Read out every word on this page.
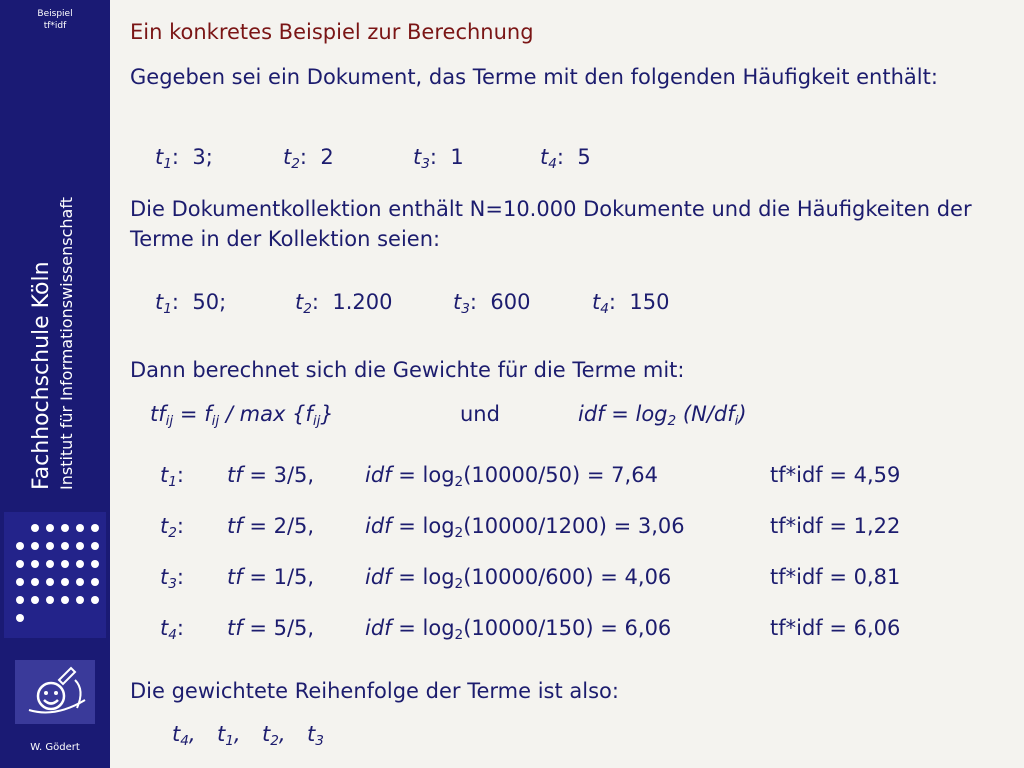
Beispiel
tf*idf
Fachhochschule Köln Institut für Informationswissenschaft
W. Gödert
Ein konkretes Beispiel zur Berechnung
Gegeben sei ein Dokument, das Terme mit den folgenden Häufigkeit enthält:
$t_1$:  3;	$t_2$:  2	$t_3$:  1	$t_4$:  5
Die Dokumentkollektion enthält N=10.000 Dokumente und die Häufigkeiten der Terme in der Kollektion seien:
$t_1$:  50;	$t_2$:  1.200	$t_3$:  600	$t_4$:  150
Dann berechnet sich die Gewichte für die Terme mit:
$tf_{ij} = f_{ij} / \max \{f_{ij}\}$	und	idf = $\log_2 (N/df_i)$
$t_1$: tf = 3/5, idf = $\log_2(10000/50) = 7,64$	tf*idf = 4,59
$t_2$: tf = 2/5, idf = $\log_2(10000/1200) = 3,06$	tf*idf = 1,22
$t_3$: tf = 1/5, idf = $\log_2(10000/600) = 4,06$	tf*idf = 0,81
$t_4$: tf = 5/5, idf = $\log_2(10000/150) = 6,06$	tf*idf = 6,06
Die gewichtete Reihenfolge der Terme ist also:
$t_4$, $t_1$, $t_2$, $t_3$
